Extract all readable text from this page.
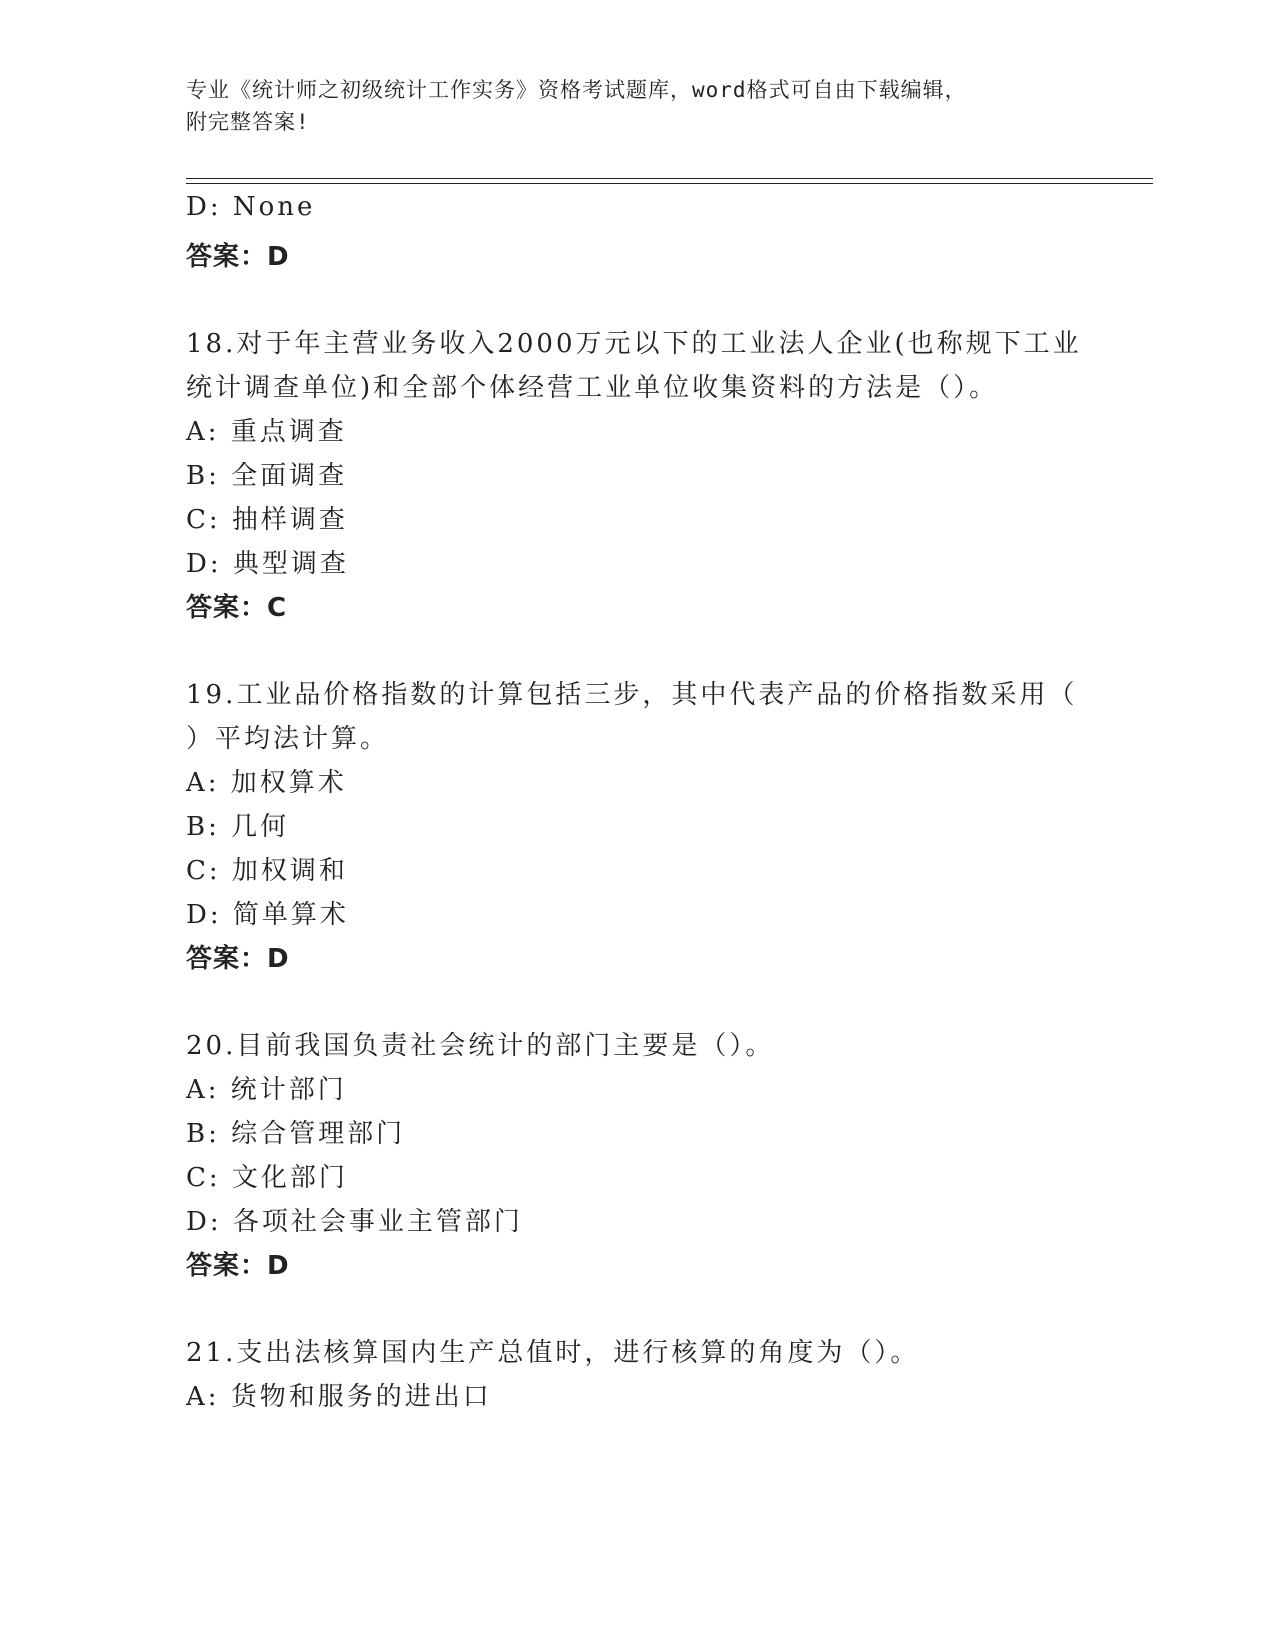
专业《统计师之初级统计工作实务》资格考试题库，word格式可自由下载编辑，
附完整答案!
D: None
答案：D
18.对于年主营业务收入2000万元以下的工业法人企业(也称规下工业
统计调查单位)和全部个体经营工业单位收集资料的方法是（）。
A: 重点调查
B: 全面调查
C: 抽样调查
D: 典型调查
答案：C
19.工业品价格指数的计算包括三步，其中代表产品的价格指数采用（
）平均法计算。
A: 加权算术
B: 几何
C: 加权调和
D: 简单算术
答案：D
20.目前我国负责社会统计的部门主要是（）。
A: 统计部门
B: 综合管理部门
C: 文化部门
D: 各项社会事业主管部门
答案：D
21.支出法核算国内生产总值时，进行核算的角度为（）。
A: 货物和服务的进出口
